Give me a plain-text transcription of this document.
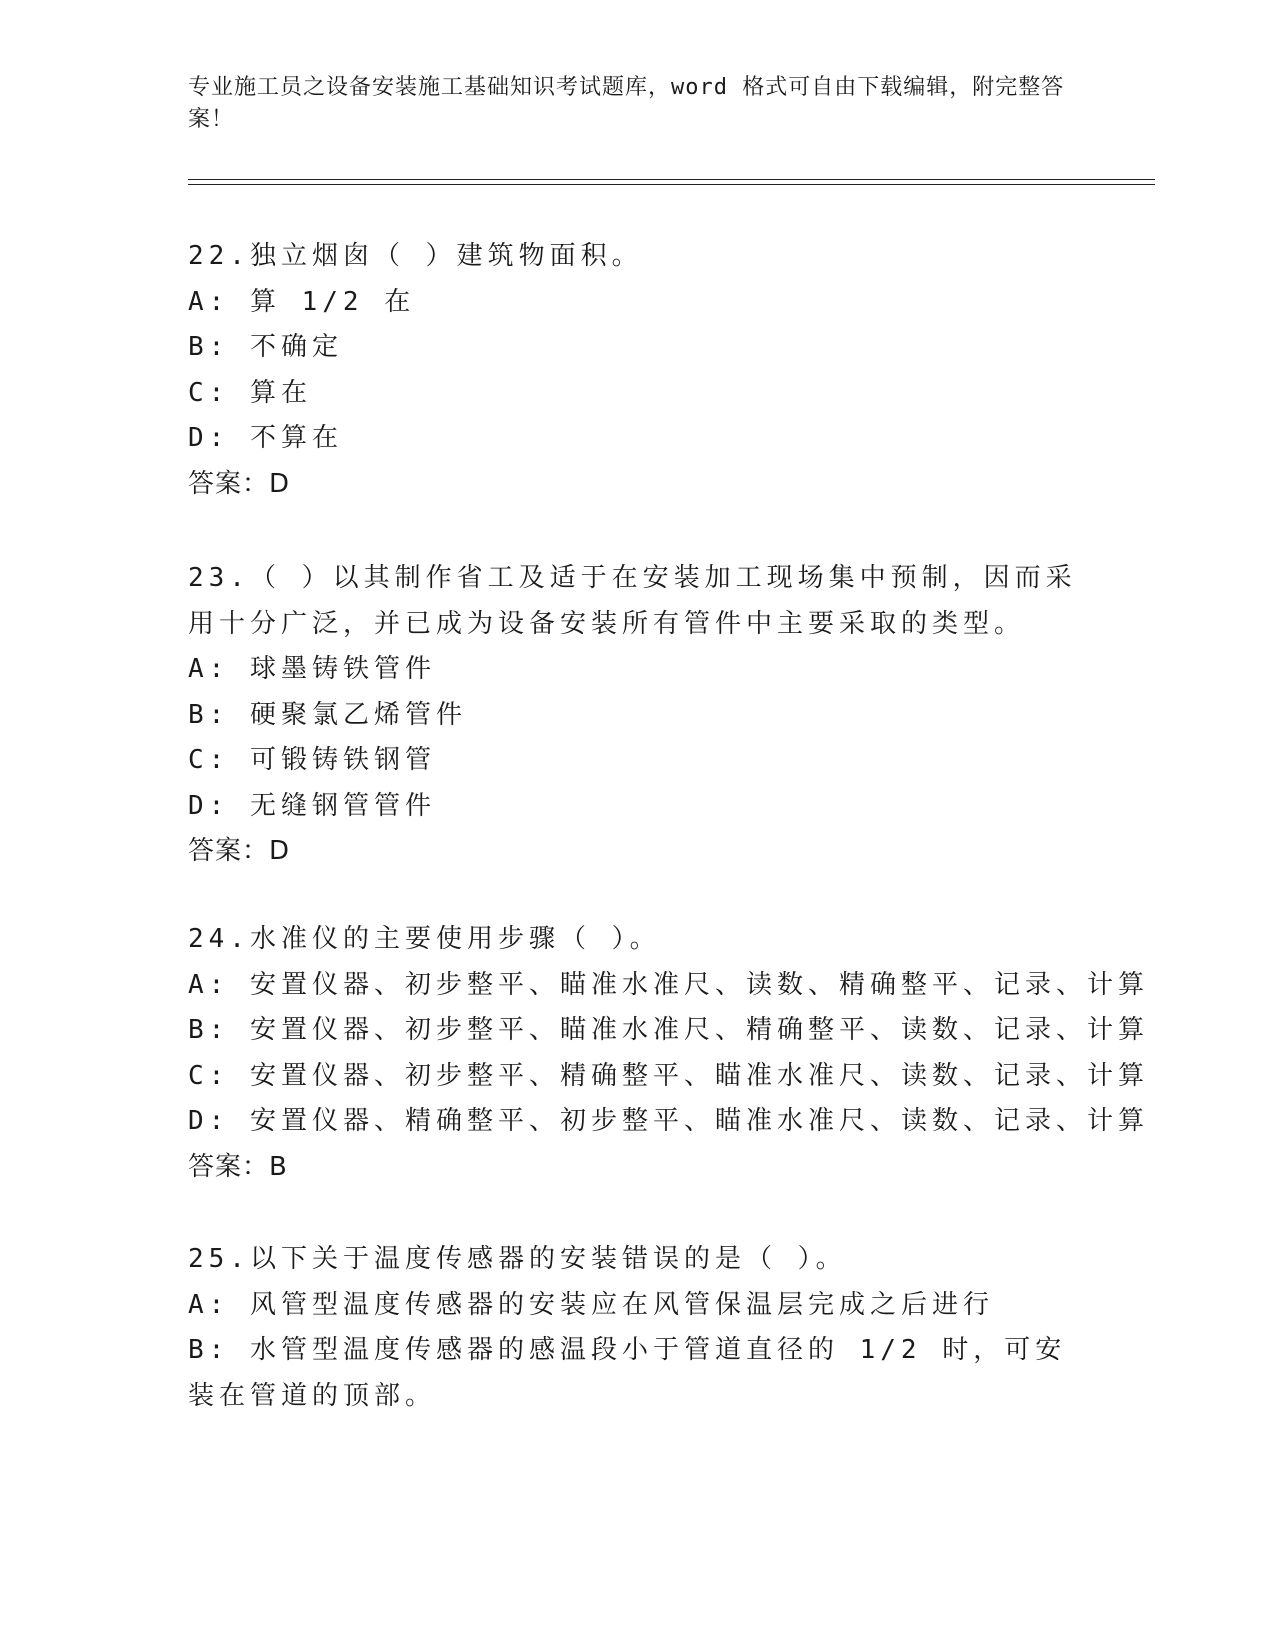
专业施工员之设备安装施工基础知识考试题库，word 格式可自由下载编辑，附完整答案！
22.独立烟囱（ ）建筑物面积。
A: 算 1/2 在
B: 不确定
C: 算在
D: 不算在
答案：D
23.（ ）以其制作省工及适于在安装加工现场集中预制，因而采用十分广泛，并已成为设备安装所有管件中主要采取的类型。
A: 球墨铸铁管件
B: 硬聚氯乙烯管件
C: 可锻铸铁钢管
D: 无缝钢管管件
答案：D
24.水准仪的主要使用步骤（ ）。
A: 安置仪器、初步整平、瞄准水准尺、读数、精确整平、记录、计算
B: 安置仪器、初步整平、瞄准水准尺、精确整平、读数、记录、计算
C: 安置仪器、初步整平、精确整平、瞄准水准尺、读数、记录、计算
D: 安置仪器、精确整平、初步整平、瞄准水准尺、读数、记录、计算
答案：B
25.以下关于温度传感器的安装错误的是（ ）。
A: 风管型温度传感器的安装应在风管保温层完成之后进行
B: 水管型温度传感器的感温段小于管道直径的 1/2 时，可安装在管道的顶部。
